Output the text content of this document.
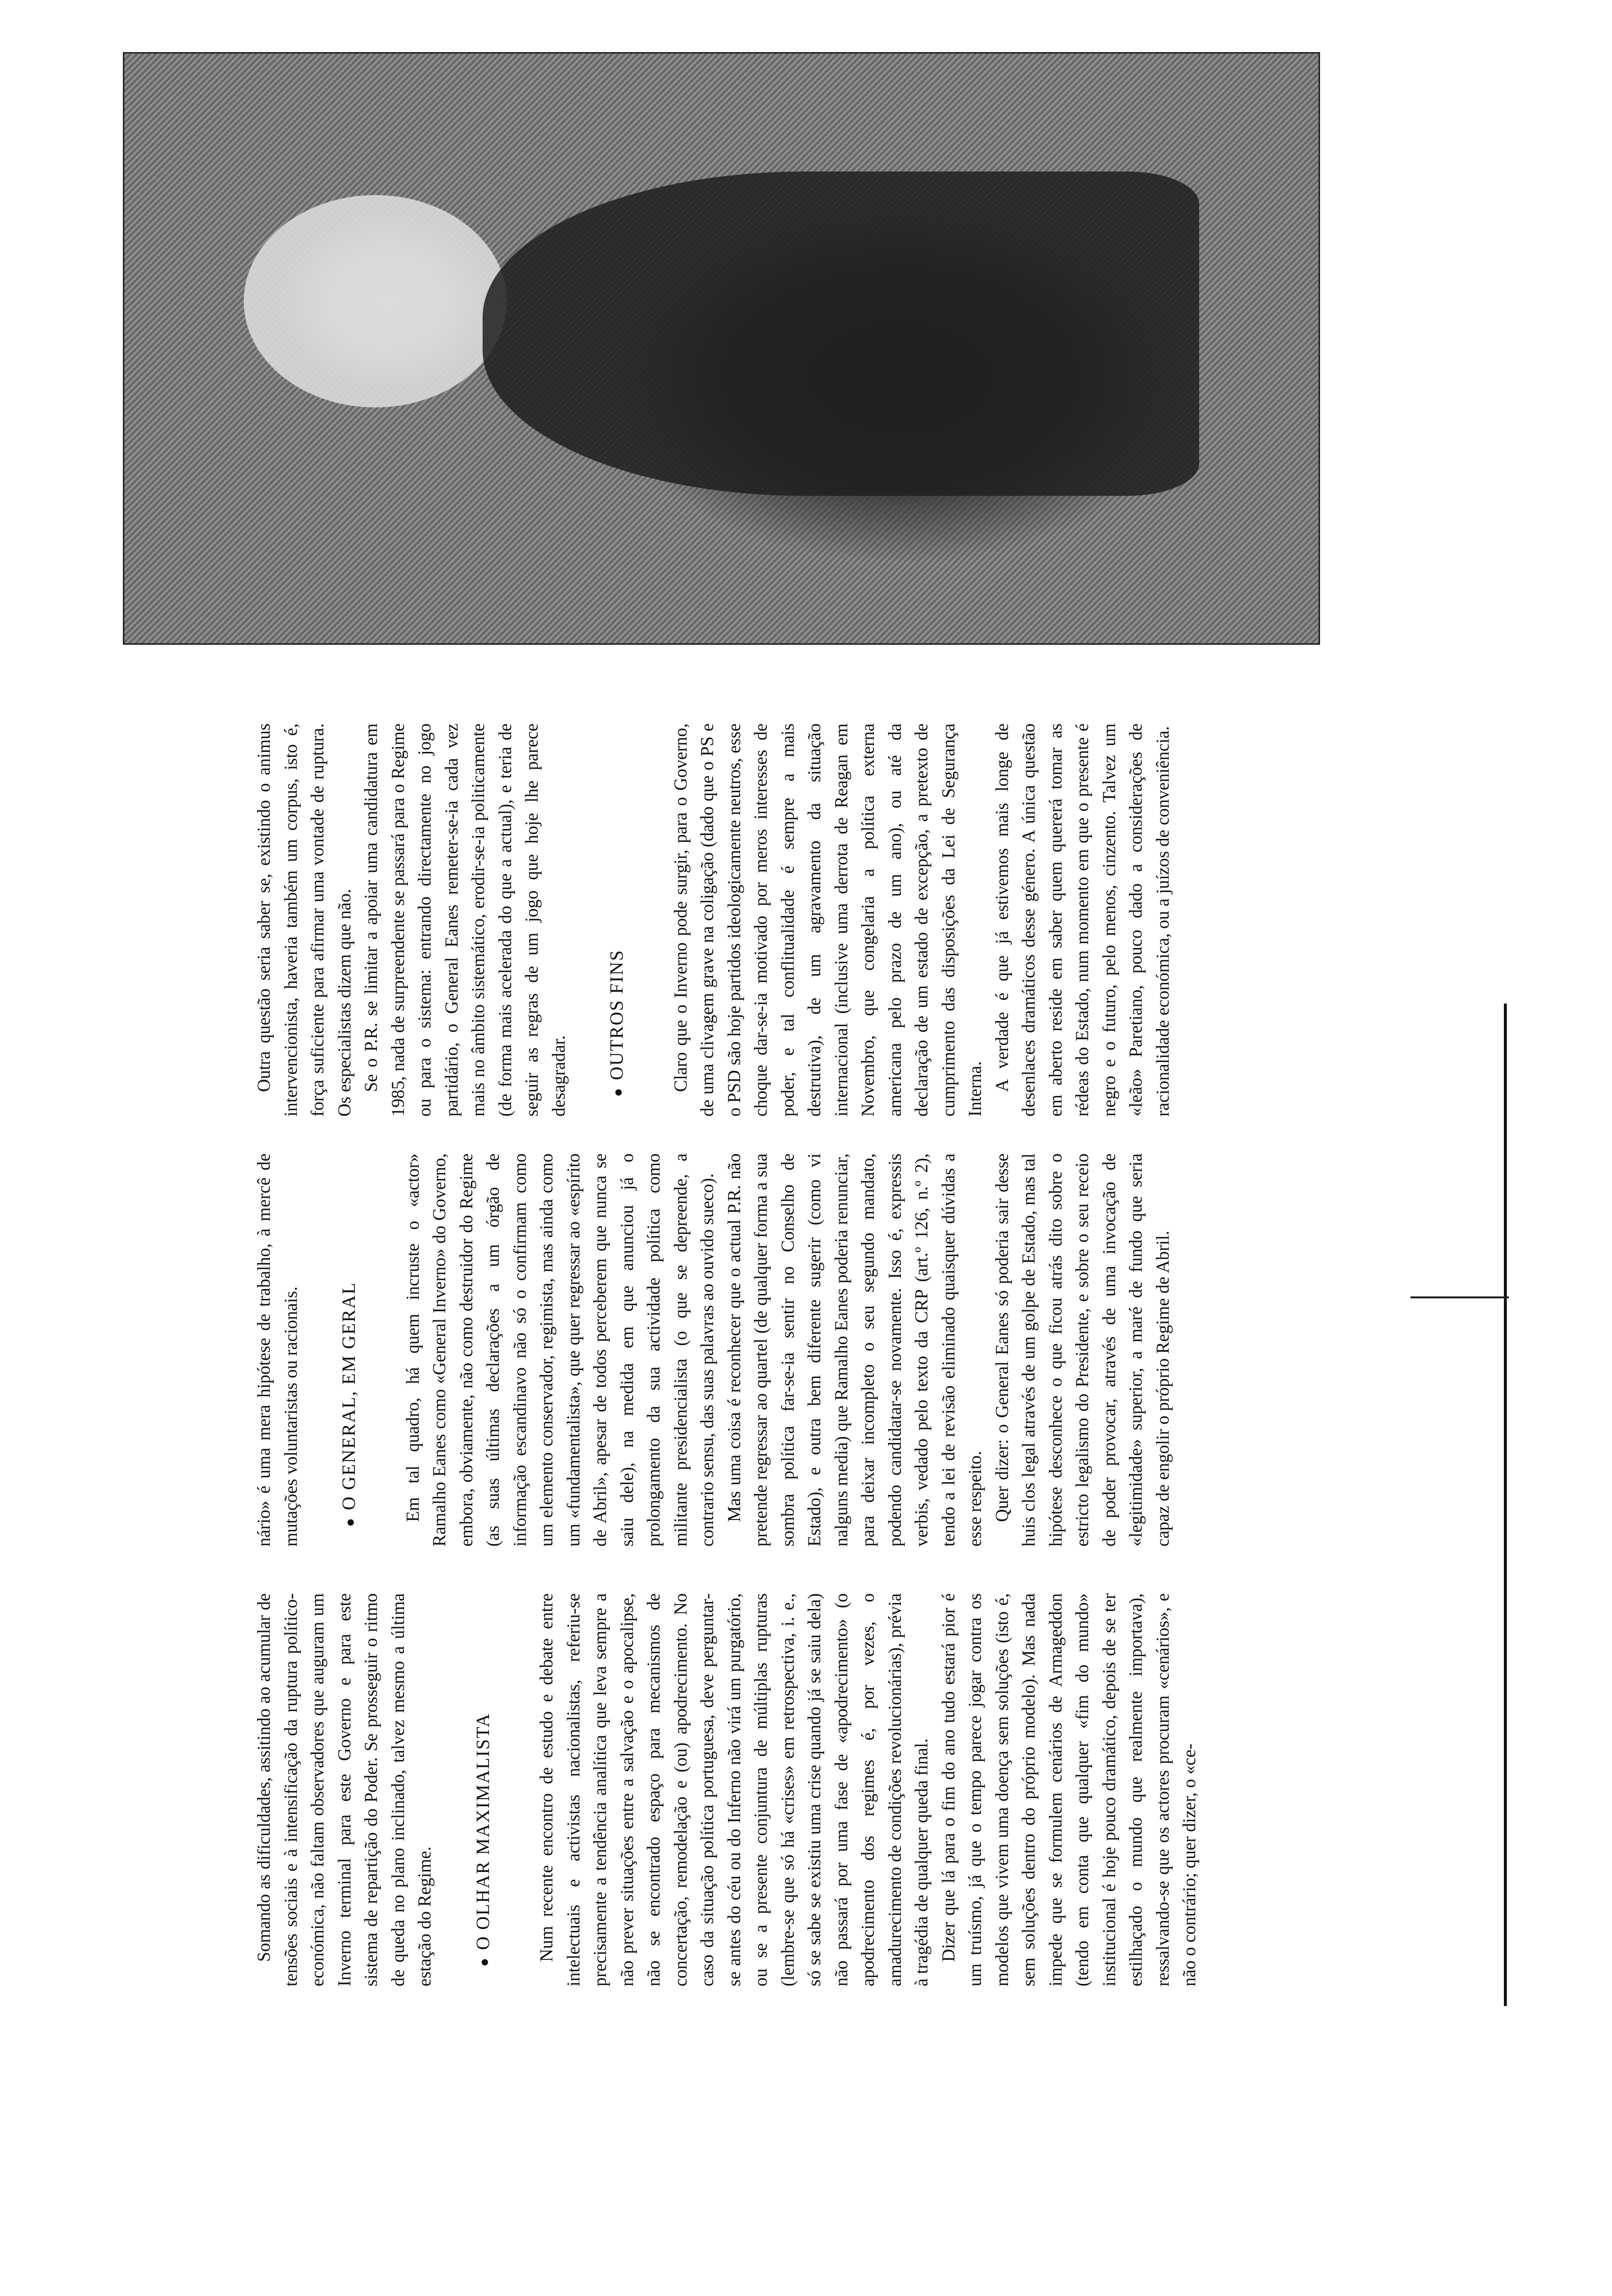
Somando as dificuldades, assitindo ao acumular de tensões sociais e à intensificação da ruptura político-económica, não faltam observadores que auguram um Inverno terminal para este Governo e para este sistema de repartição do Poder. Se prosseguir o ritmo de queda no plano inclinado, talvez mesmo a última estação do Regime.	●O OLHAR MAXIMALISTA Num recente encontro de estudo e debate entre intelectuais e activistas nacionalistas, referiu-se precisamente a tendência analítica que leva sempre a não prever situações entre a salvação e o apocalipse, não se encontrado espaço para mecanismos de concertação, remodelação e (ou) apodrecimento. No caso da situação política portuguesa, deve perguntar-se antes do céu ou do Inferno não virá um purgatório, ou se a presente conjuntura de múltiplas rupturas (lembre-se que só há «crises» em retrospectiva, i. e., só se sabe se existiu uma crise quando já se saiu dela) não passará por uma fase de «apodrecimento» (o apodrecimento dos regimes é, por vezes, o amadurecimento de condições revolucionárias), prévia à tragédia de qualquer queda final. Dizer que lá para o fim do ano tudo estará pior é um truísmo, já que o tempo parece jogar contra os modelos que vivem uma doença sem soluções (isto é, sem soluções dentro do próprio modelo). Mas nada impede que se formulem cenários de Armageddon (tendo em conta que qualquer «fim do mundo» institucional é hoje pouco dramático, depois de se ter estilhaçado o mundo que realmente importava), ressalvando-se que os actores procuram «cenários», e não o contrário; quer dizer, o «ce-

nário» é uma mera hipótese de trabalho, à mercê de mutações voluntaristas ou racionais.	●O GENERAL, EM GERAL Em tal quadro, há quem incruste o «actor» Ramalho Eanes como «General Inverno» do Governo, embora, obviamente, não como destruidor do Regime (as suas últimas declarações a um órgão de informação escandinavo não só o confirmam como um elemento conservador, regimista, mas ainda como um «fundamentalista», que quer regressar ao «espírito de Abril», apesar de todos perceberem que nunca se saiu dele), na medida em que anunciou já o prolongamento da sua actividade política como militante presidencialista (o que se depreende, a contrario sensu, das suas palavras ao ouvido sueco). Mas uma coisa é reconhecer que o actual P.R. não pretende regressar ao quartel (de qualquer forma a sua sombra política far-se-ia sentir no Conselho de Estado), e outra bem diferente sugerir (como vi nalguns media) que Ramalho Eanes poderia renunciar, para deixar incompleto o seu segundo mandato, podendo candidatar-se novamente. Isso é, expressis verbis, vedado pelo texto da CRP (art.º 126, n.º 2), tendo a lei de revisão eliminado quaisquer dúvidas a esse respeito. Quer dizer: o General Eanes só poderia sair desse huis clos legal através de um golpe de Estado, mas tal hipótese desconhece o que ficou atrás dito sobre o estricto legalismo do Presidente, e sobre o seu receio de poder provocar, através de uma invocação de «legitimidade» superior, a maré de fundo que seria capaz de engolir o próprio Regime de Abril.

Outra questão seria saber se, existindo o animus intervencionista, haveria também um corpus, isto é, força suficiente para afirmar uma vontade de ruptura. Os especialistas dizem que não. Se o P.R. se limitar a apoiar uma candidatura em 1985, nada de surpreendente se passará para o Regime ou para o sistema: entrando directamente no jogo partidário, o General Eanes remeter-se-ia cada vez mais no âmbito sistemático, erodir-se-ia politicamente (de forma mais acelerada do que a actual), e teria de seguir as regras de um jogo que hoje lhe parece desagradar.	●OUTROS FINS Claro que o Inverno pode surgir, para o Governo, de uma clivagem grave na coligação (dado que o PS e o PSD são hoje partidos ideologicamente neutros, esse choque dar-se-ia motivado por meros interesses de poder, e tal conflitualidade é sempre a mais destrutiva), de um agravamento da situação internacional (inclusive uma derrota de Reagan em Novembro, que congelaria a política externa americana pelo prazo de um ano), ou até da declaração de um estado de excepção, a pretexto de cumprimento das disposições da Lei de Segurança Interna. A verdade é que já estivemos mais longe de desenlaces dramáticos desse género. A única questão em aberto reside em saber quem quererá tomar as rédeas do Estado, num momento em que o presente é negro e o futuro, pelo menos, cinzento. Talvez um «leão» Paretiano, pouco dado a considerações de racionalidade económica, ou a juízos de conveniência.
